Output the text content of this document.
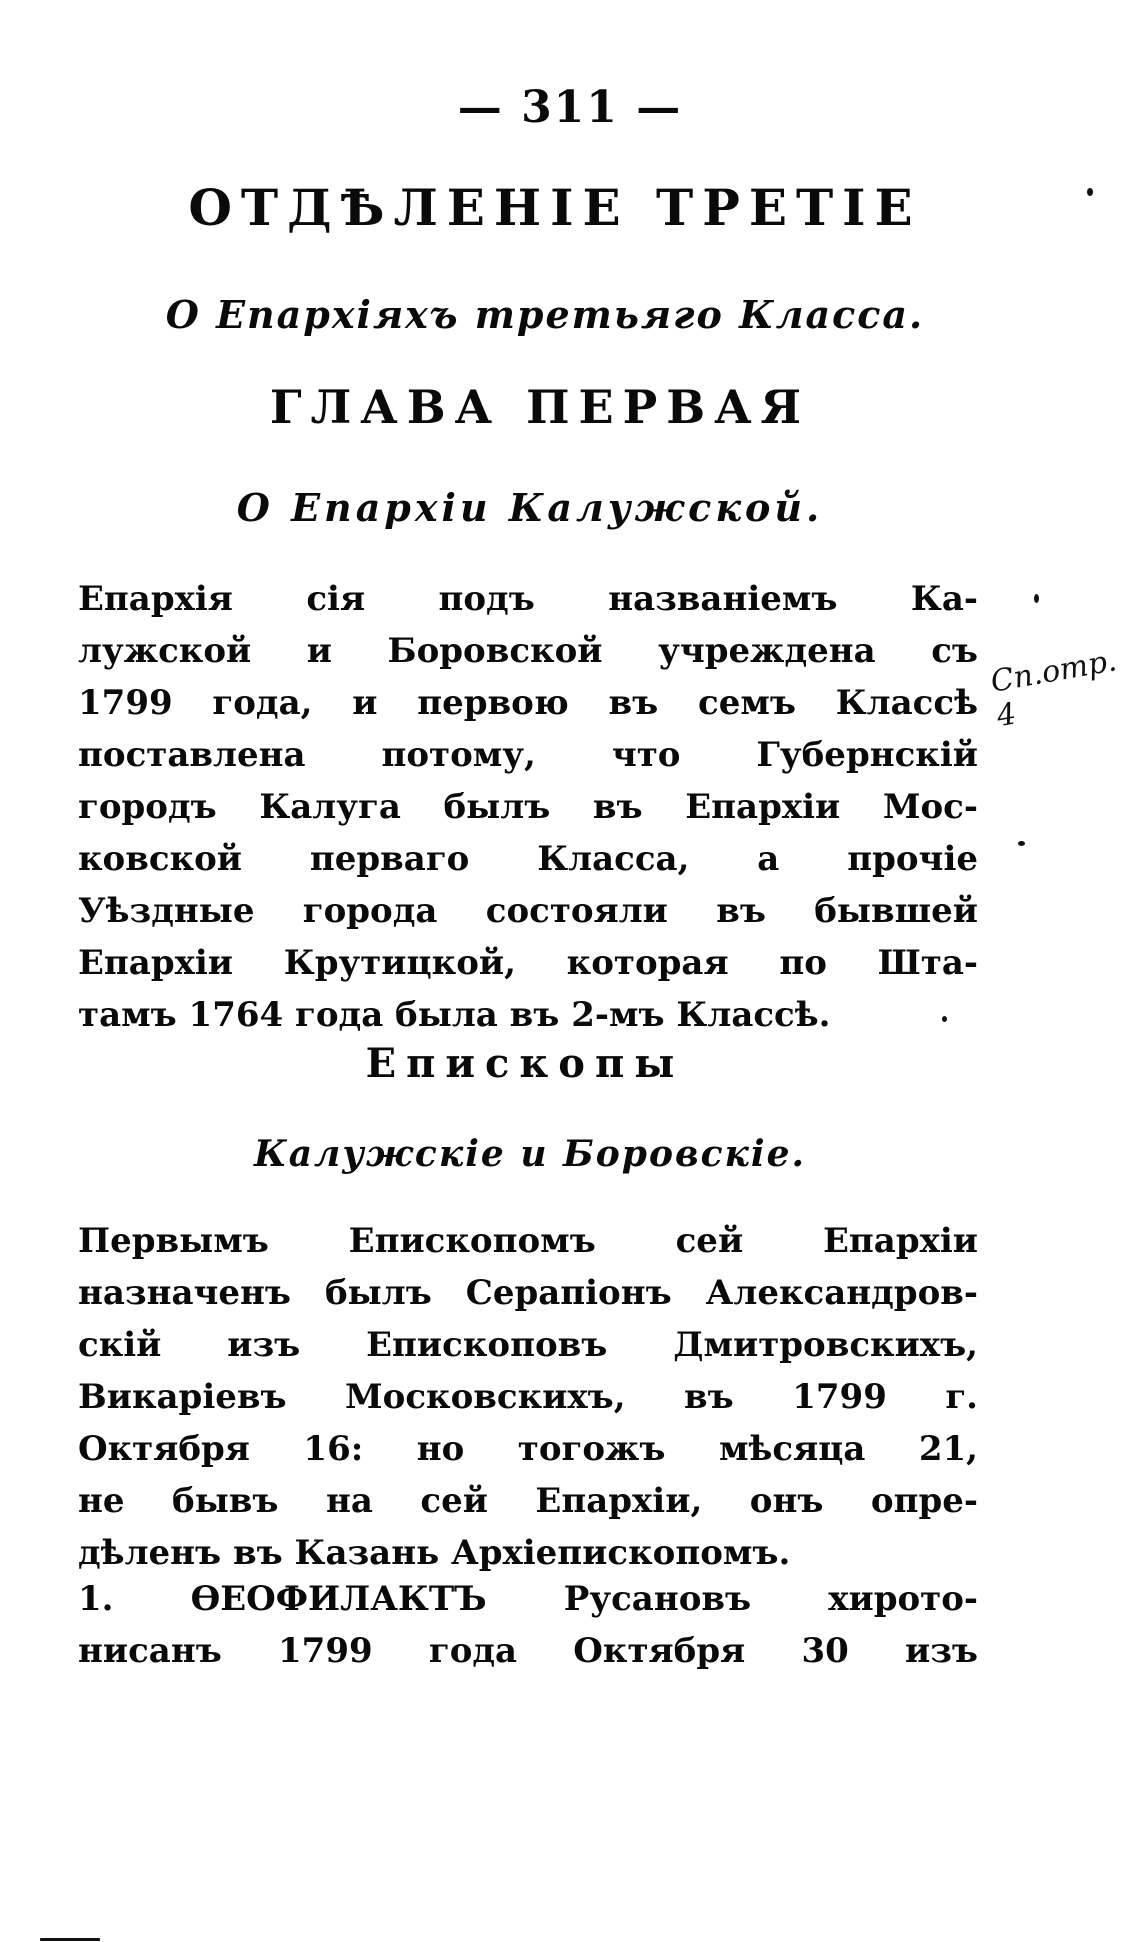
— 311 —
ОТДѢЛЕНІЕ ТРЕТІЕ
О Епархіяхъ третьяго Класса.
ГЛАВА ПЕРВАЯ
О Епархіи Калужской.
Епархія сія подъ названіемъ Ка-
лужской и Боровской учреждена съ
1799 года, и первою въ семъ Классѣ
поставлена потому, что Губернскій
городъ Калуга былъ въ Епархіи Мос-
ковской перваго Класса, а прочіе
Уѣздные города состояли въ бывшей
Епархіи Крутицкой, которая по Шта-
тамъ 1764 года была въ 2-мъ Классѣ.
Сп.отр. 4
Епископы
Калужскіе и Боровскіе.
Первымъ Епископомъ сей Епархіи
назначенъ былъ Серапіонъ Александров-
скій изъ Епископовъ Дмитровскихъ,
Викаріевъ Московскихъ, въ 1799 г.
Октября 16: но тогожъ мѣсяца 21,
не бывъ на сей Епархіи, онъ опре-
дѣленъ въ Казань Архіепископомъ.
1. ѲЕОФИЛАКТЪ Русановъ хирото-
нисанъ 1799 года Октября 30 изъ
